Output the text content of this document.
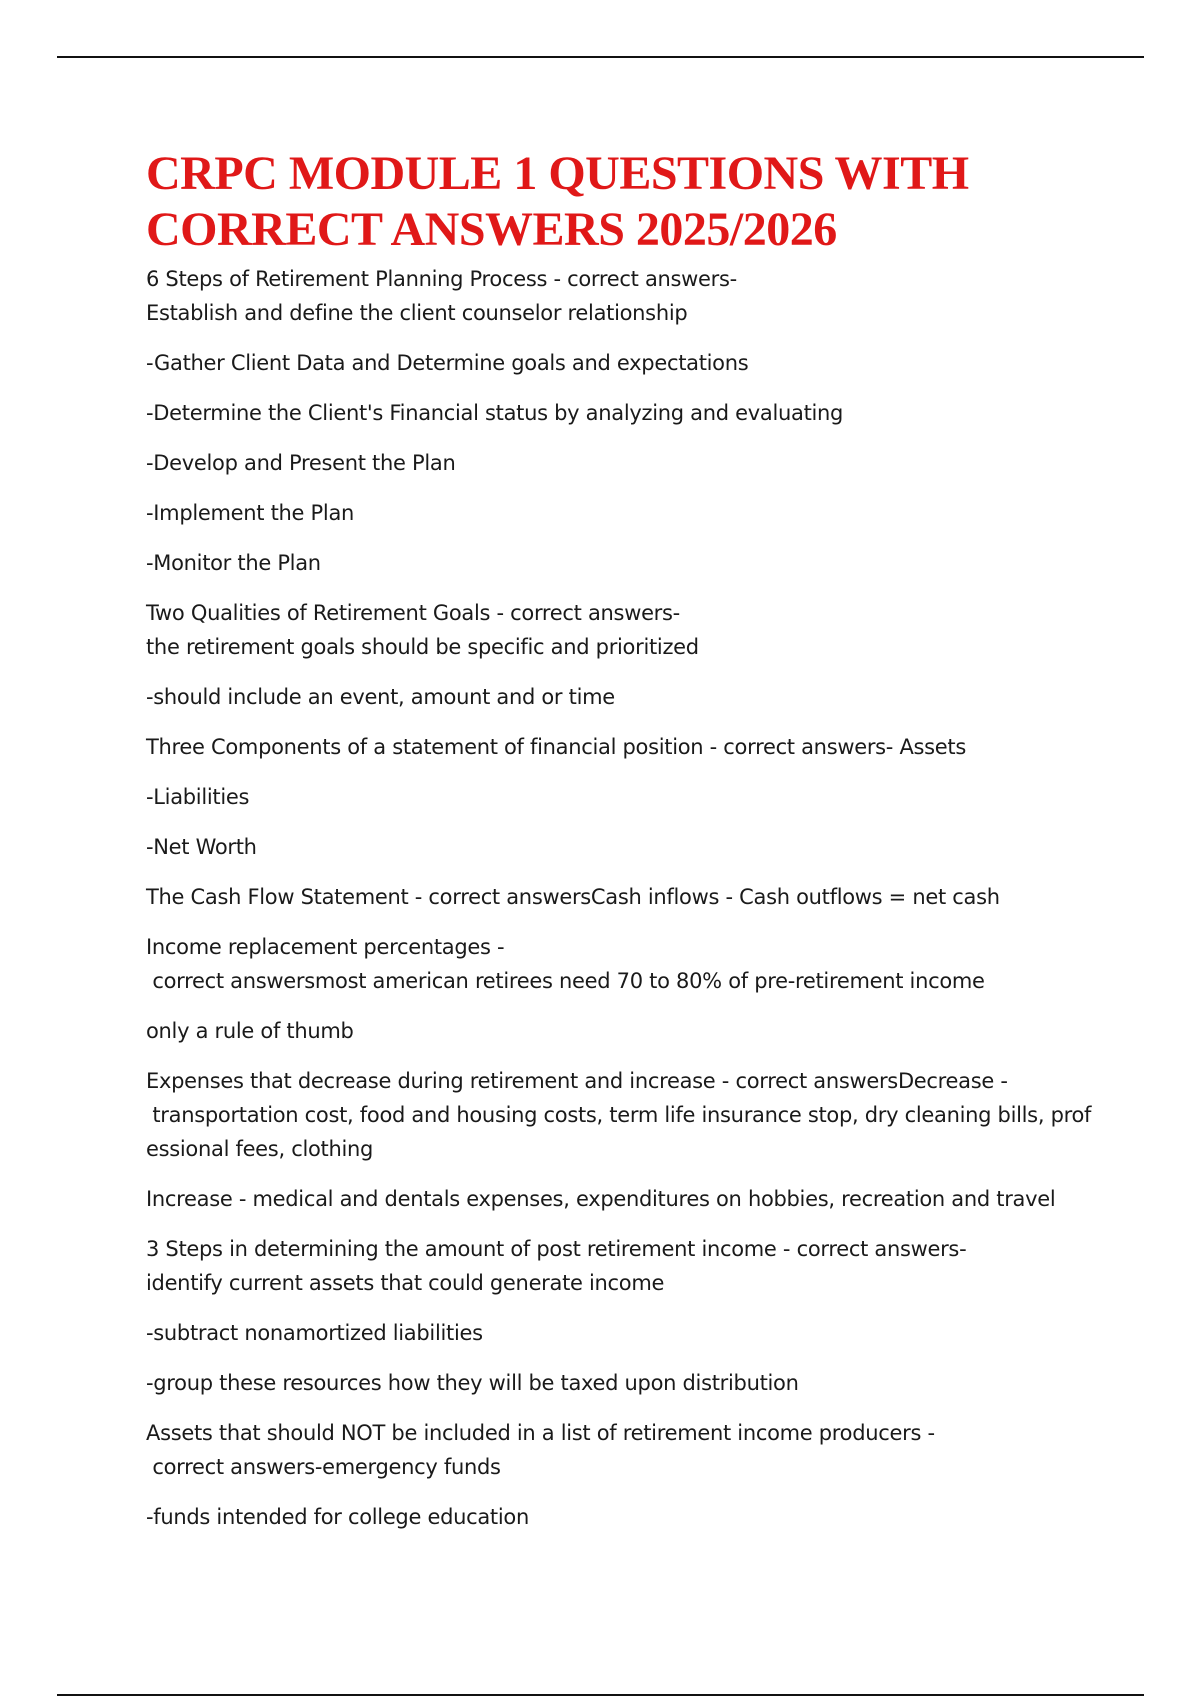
CRPC MODULE 1 QUESTIONS WITH
CORRECT ANSWERS 2025/2026

6 Steps of Retirement Planning Process - correct answers-
Establish and define the client counselor relationship

-Gather Client Data and Determine goals and expectations

-Determine the Client's Financial status by analyzing and evaluating

-Develop and Present the Plan

-Implement the Plan

-Monitor the Plan

Two Qualities of Retirement Goals - correct answers-
the retirement goals should be specific and prioritized

-should include an event, amount and or time

Three Components of a statement of financial position - correct answers- Assets

-Liabilities

-Net Worth

The Cash Flow Statement - correct answersCash inflows - Cash outflows = net cash

Income replacement percentages -
correct answersmost american retirees need 70 to 80% of pre-retirement income

only a rule of thumb

Expenses that decrease during retirement and increase - correct answersDecrease -
transportation cost, food and housing costs, term life insurance stop, dry cleaning bills, prof
essional fees, clothing

Increase - medical and dentals expenses, expenditures on hobbies, recreation and travel

3 Steps in determining the amount of post retirement income - correct answers-
identify current assets that could generate income

-subtract nonamortized liabilities

-group these resources how they will be taxed upon distribution

Assets that should NOT be included in a list of retirement income producers -
correct answers-emergency funds

-funds intended for college education
